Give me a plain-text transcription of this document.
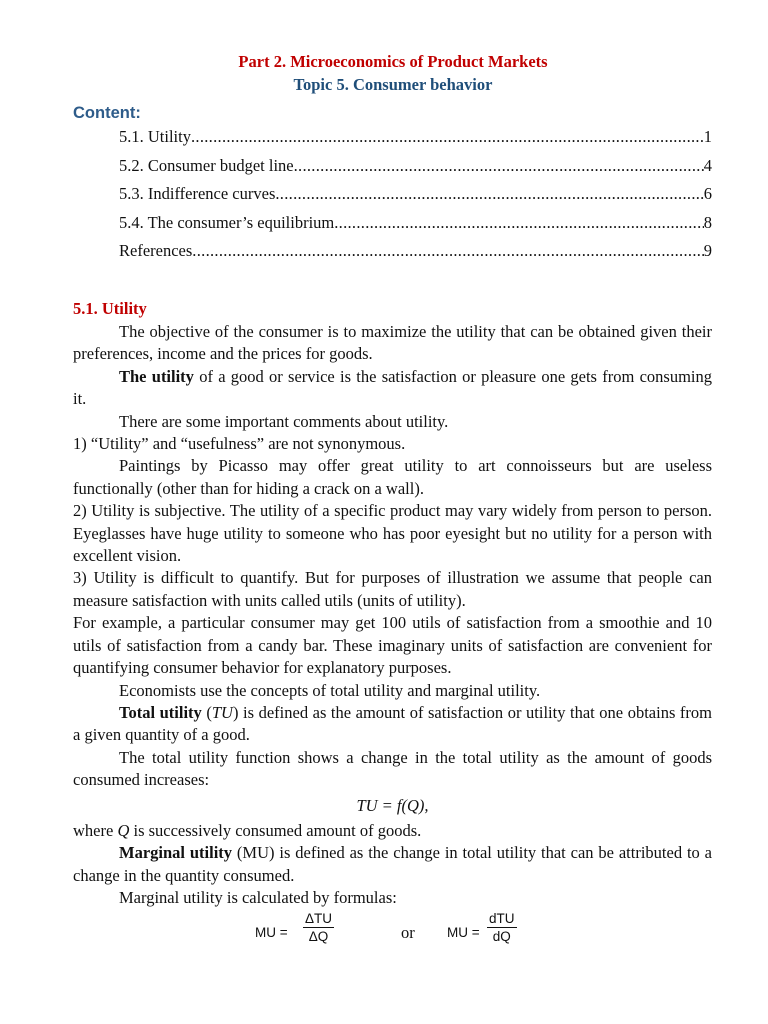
Part 2. Microeconomics of Product Markets
Topic 5. Consumer behavior
Content:
5.1. Utility .....	1
5.2. Consumer budget line .....	4
5.3. Indifference curves .....	6
5.4. The consumer’s equilibrium .....	8
References .....	9
5.1. Utility

The objective of the consumer is to maximize the utility that can be obtained given their preferences, income and the prices for goods.

The utility of a good or service is the satisfaction or pleasure one gets from consuming it.

There are some important comments about utility.

1) “Utility” and “usefulness” are not synonymous.

Paintings by Picasso may offer great utility to art connoisseurs but are useless functionally (other than for hiding a crack on a wall).

2) Utility is subjective. The utility of a specific product may vary widely from person to person. Eyeglasses have huge utility to someone who has poor eyesight but no utility for a person with excellent vision.

3) Utility is difficult to quantify. But for purposes of illustration we assume that people can measure satisfaction with units called utils (units of utility).

For example, a particular consumer may get 100 utils of satisfaction from a smoothie and 10 utils of satisfaction from a candy bar. These imaginary units of satisfaction are convenient for quantifying consumer behavior for explanatory purposes.

Economists use the concepts of total utility and marginal utility.

Total utility (TU) is defined as the amount of satisfaction or utility that one obtains from a given quantity of a good.

The total utility function shows a change in the total utility as the amount of goods consumed increases:

TU = f(Q),

where Q is successively consumed amount of goods.

Marginal utility (MU) is defined as the change in total utility that can be attributed to a change in the quantity consumed.

Marginal utility is calculated by formulas:

MU =
ΔTU
ΔQ	or MU =
dTU
dQ
